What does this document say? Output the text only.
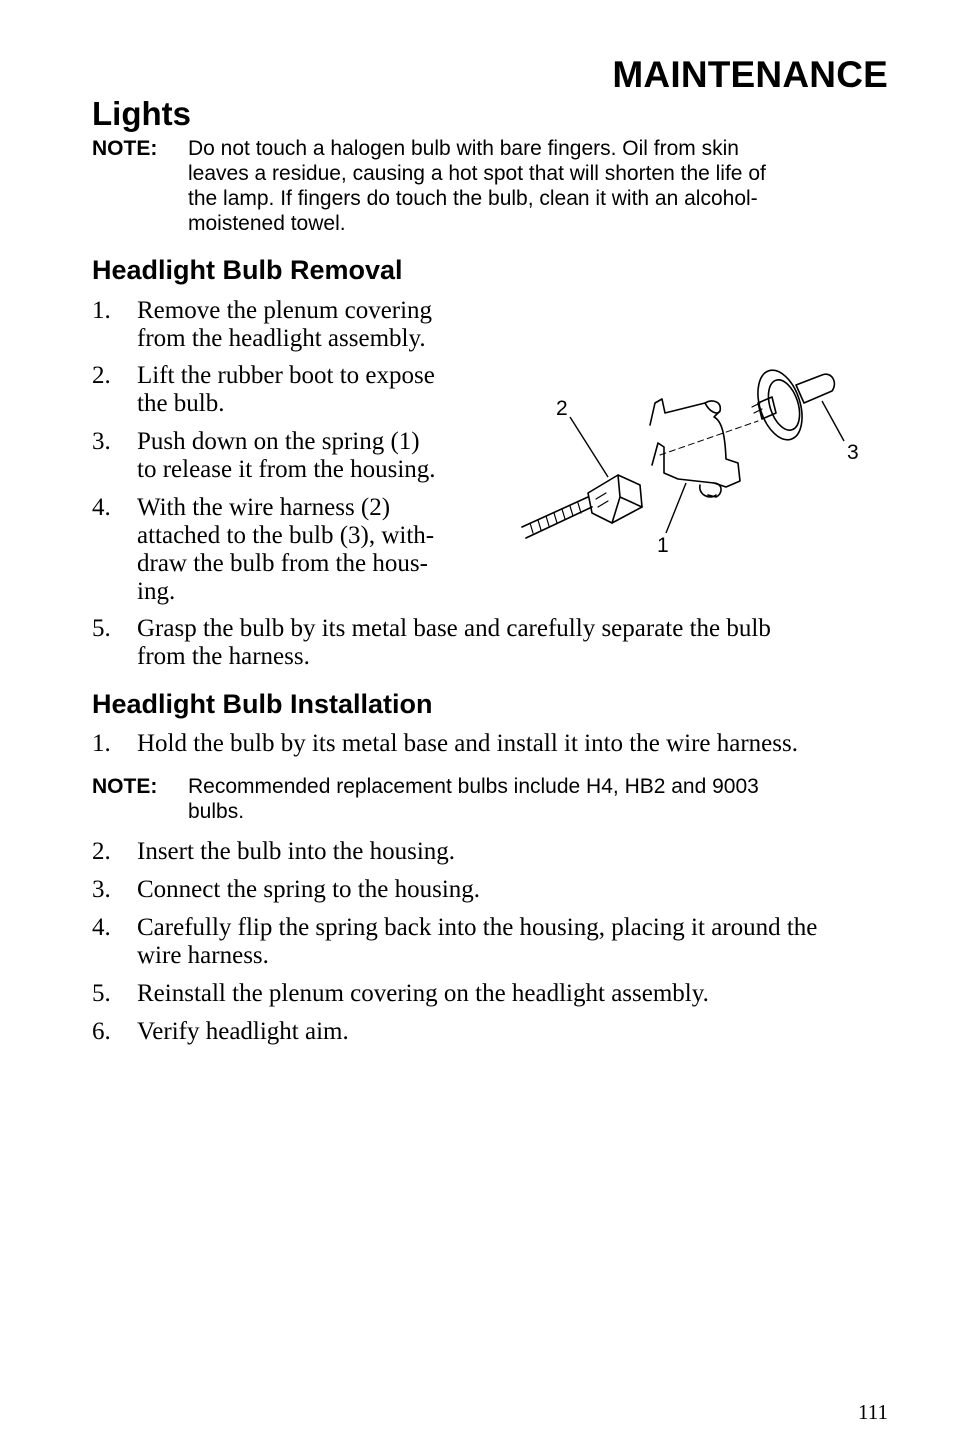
MAINTENANCE
Lights
NOTE: Do not touch a halogen bulb with bare fingers. Oil from skin
leaves a residue, causing a hot spot that will shorten the life of
the lamp. If fingers do touch the bulb, clean it with an alcohol-
moistened towel.
Headlight Bulb Removal
1. Remove the plenum covering
from the headlight assembly.
2. Lift the rubber boot to expose
the bulb.
3. Push down on the spring (1)
to release it from the housing.
4. With the wire harness (2)
attached to the bulb (3), with-
draw the bulb from the hous-
ing.
5. Grasp the bulb by its metal base and carefully separate the bulb
from the harness.
2
1
3
Headlight Bulb Installation
1. Hold the bulb by its metal base and install it into the wire harness.
NOTE: Recommended replacement bulbs include H4, HB2 and 9003
bulbs.
2. Insert the bulb into the housing.
3. Connect the spring to the housing.
4. Carefully flip the spring back into the housing, placing it around the
wire harness.
5. Reinstall the plenum covering on the headlight assembly.
6. Verify headlight aim.
111
